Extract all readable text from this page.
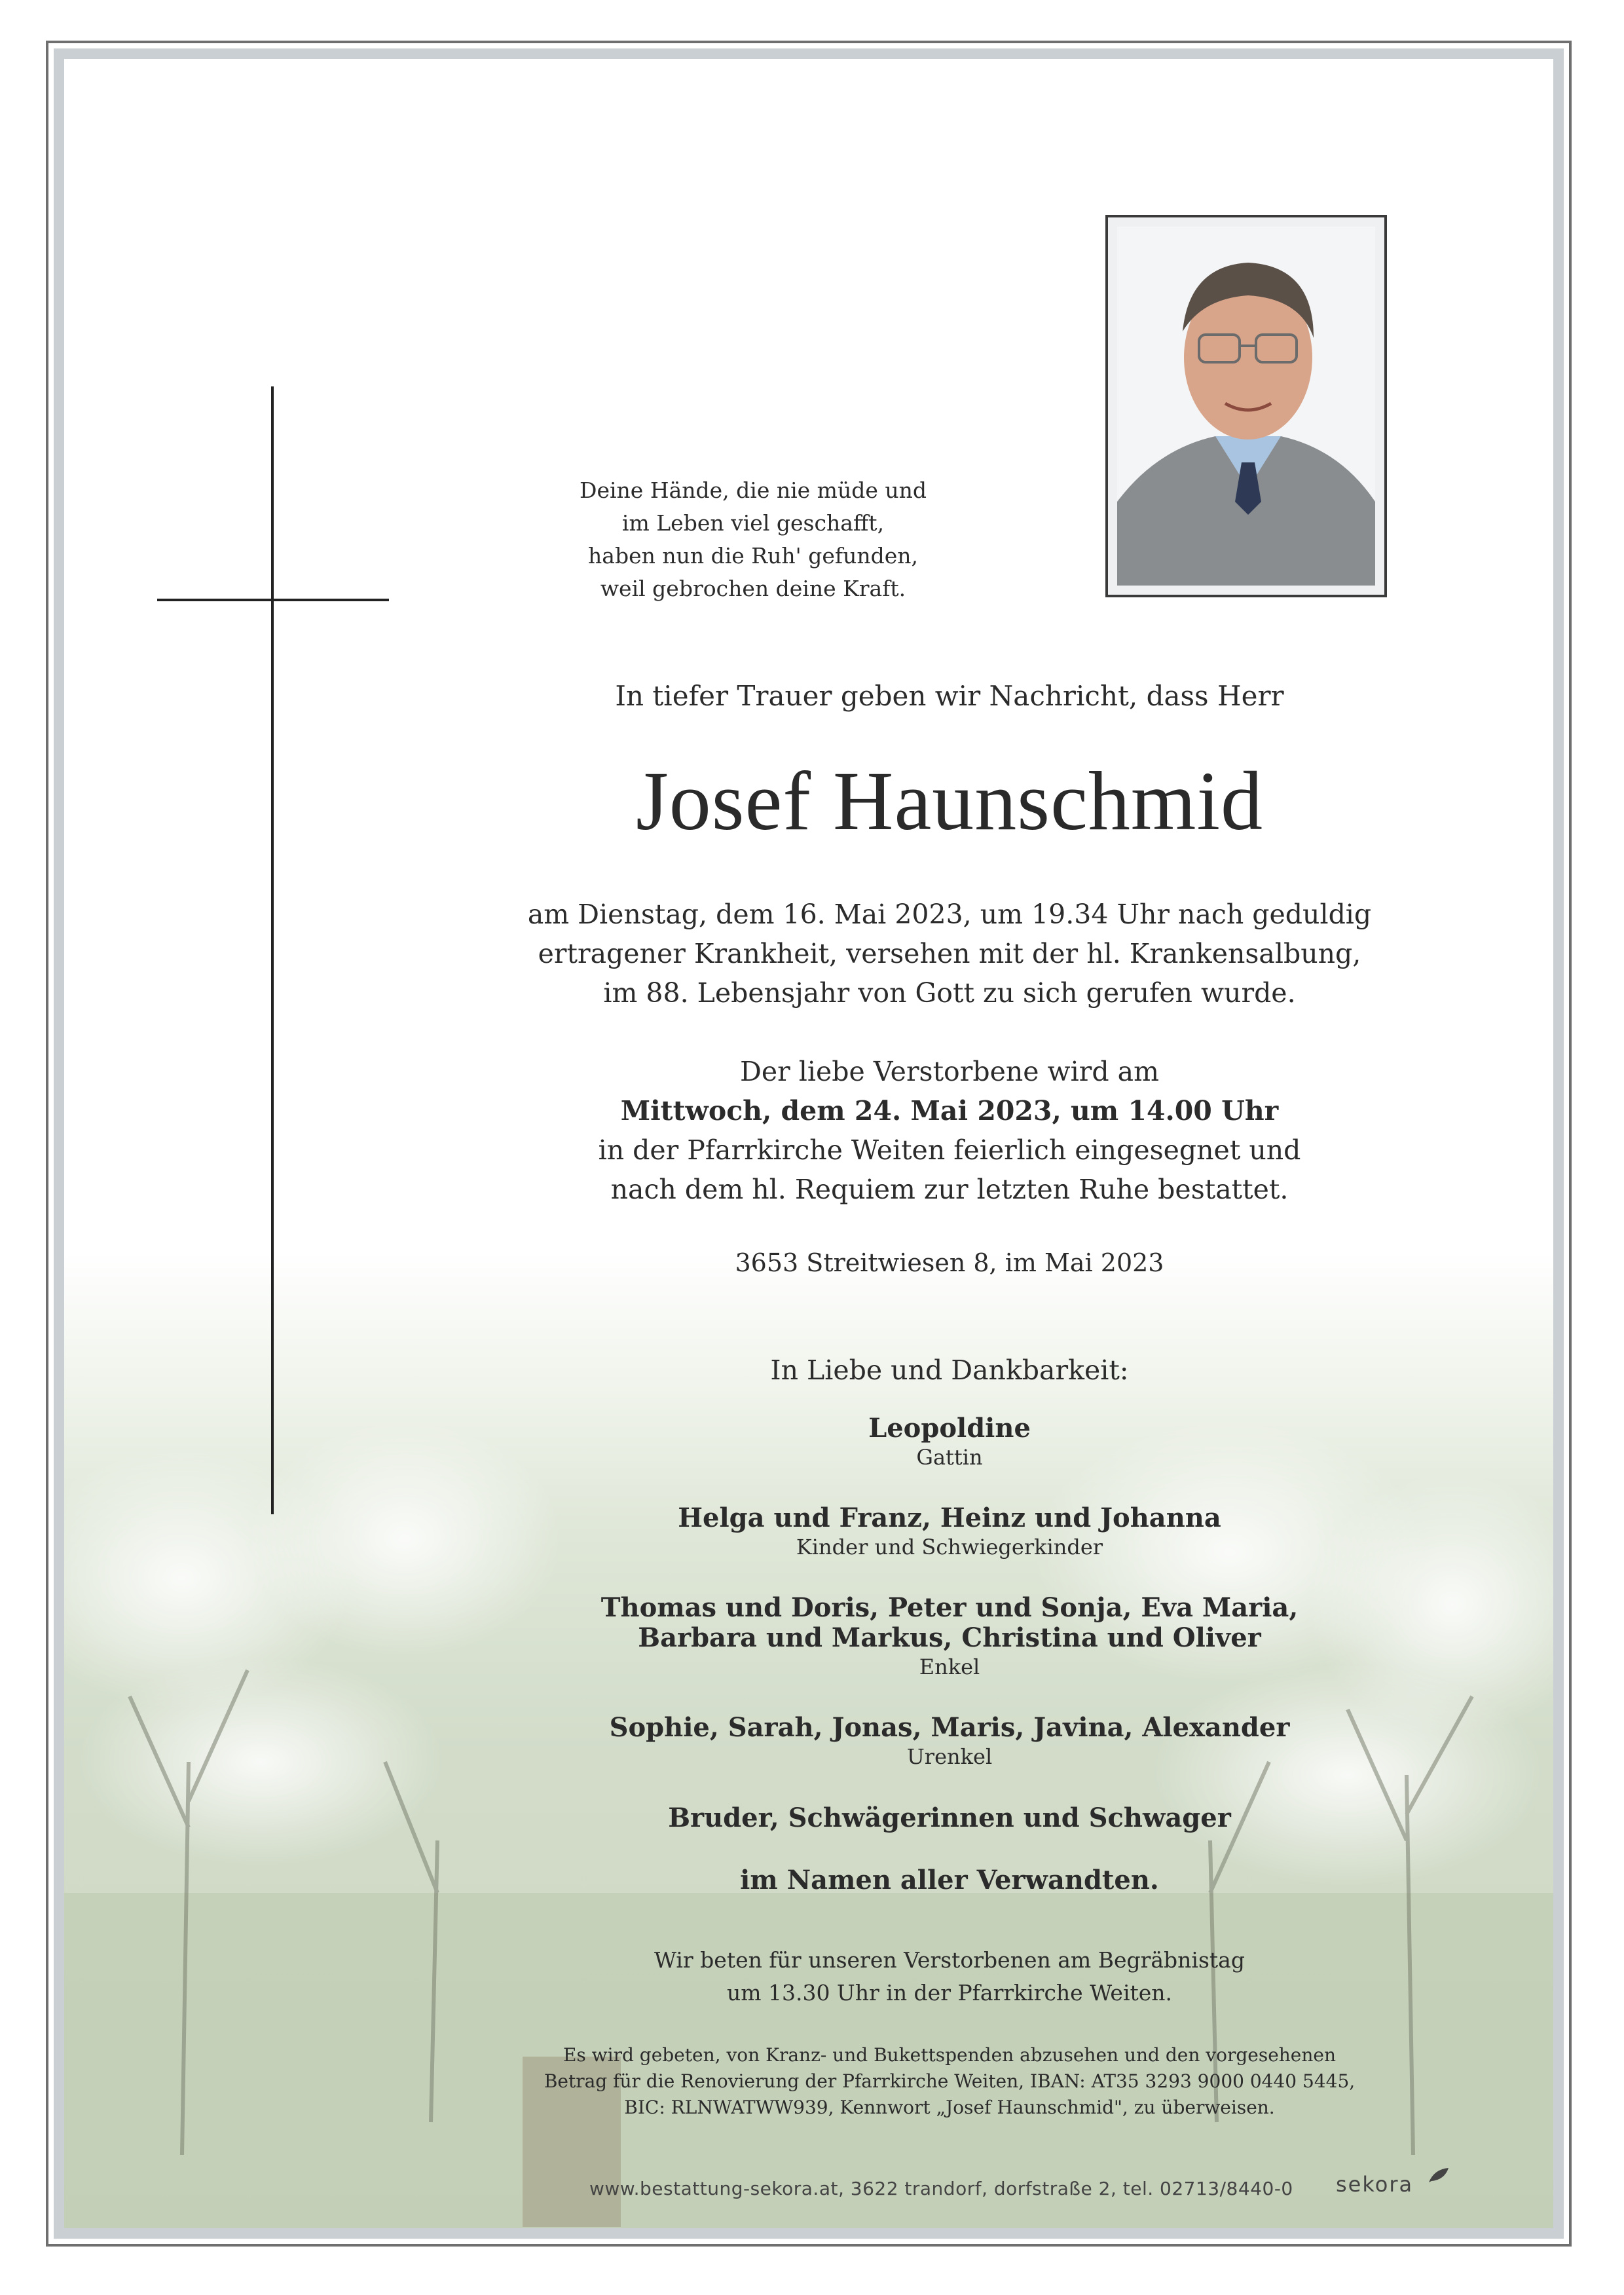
Deine Hände, die nie müde und
im Leben viel geschafft,
haben nun die Ruh' gefunden,
weil gebrochen deine Kraft.
In tiefer Trauer geben wir Nachricht, dass Herr
Josef Haunschmid
am Dienstag, dem 16. Mai 2023, um 19.34 Uhr nach geduldig
ertragener Krankheit, versehen mit der hl. Krankensalbung,
im 88. Lebensjahr von Gott zu sich gerufen wurde.
Der liebe Verstorbene wird am
Mittwoch, dem 24. Mai 2023, um 14.00 Uhr
in der Pfarrkirche Weiten feierlich eingesegnet und
nach dem hl. Requiem zur letzten Ruhe bestattet.
3653 Streitwiesen 8, im Mai 2023
In Liebe und Dankbarkeit:
Leopoldine
Gattin
Helga und Franz, Heinz und Johanna
Kinder und Schwiegerkinder
Thomas und Doris, Peter und Sonja, Eva Maria,
Barbara und Markus, Christina und Oliver
Enkel
Sophie, Sarah, Jonas, Maris, Javina, Alexander
Urenkel
Bruder, Schwägerinnen und Schwager
im Namen aller Verwandten.
Wir beten für unseren Verstorbenen am Begräbnistag
um 13.30 Uhr in der Pfarrkirche Weiten.
Es wird gebeten, von Kranz- und Bukettspenden abzusehen und den vorgesehenen
Betrag für die Renovierung der Pfarrkirche Weiten, IBAN: AT35 3293 9000 0440 5445,
BIC: RLNWATWW939, Kennwort „Josef Haunschmid", zu überweisen.
www.bestattung-sekora.at, 3622 trandorf, dorfstraße 2, tel. 02713/8440-0 sekora
